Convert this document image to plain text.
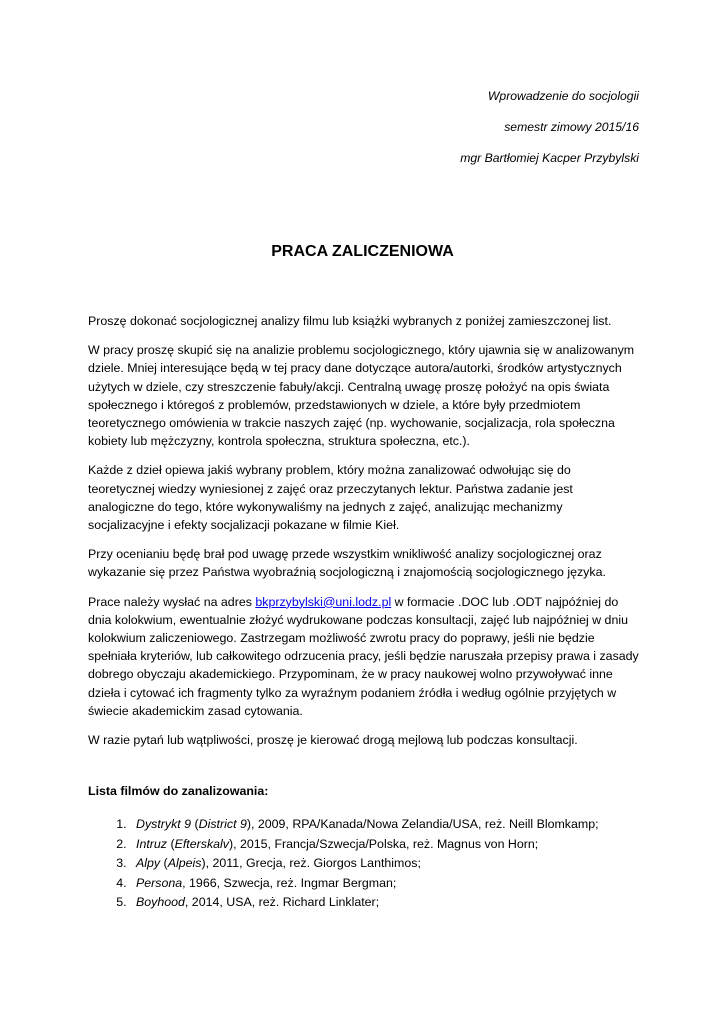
Wprowadzenie do socjologii
semestr zimowy 2015/16
mgr Bartłomiej Kacper Przybylski
PRACA ZALICZENIOWA

Proszę dokonać socjologicznej analizy filmu lub książki wybranych z poniżej zamieszczonej list.

W pracy proszę skupić się na analizie problemu socjologicznego, który ujawnia się w analizowanym dziele. Mniej interesujące będą w tej pracy dane dotyczące autora/autorki, środków artystycznych użytych w dziele, czy streszczenie fabuły/akcji. Centralną uwagę proszę położyć na opis świata społecznego i któregoś z problemów, przedstawionych w dziele, a które były przedmiotem teoretycznego omówienia w trakcie naszych zajęć (np. wychowanie, socjalizacja, rola społeczna kobiety lub mężczyzny, kontrola społeczna, struktura społeczna, etc.).

Każde z dzieł opiewa jakiś wybrany problem, który można zanalizować odwołując się do teoretycznej wiedzy wyniesionej z zajęć oraz przeczytanych lektur. Państwa zadanie jest analogiczne do tego, które wykonywaliśmy na jednych z zajęć, analizując mechanizmy socjalizacyjne i efekty socjalizacji pokazane w filmie Kieł.

Przy ocenianiu będę brał pod uwagę przede wszystkim wnikliwość analizy socjologicznej oraz wykazanie się przez Państwa wyobraźnią socjologiczną i znajomością socjologicznego języka.

Prace należy wysłać na adres bkprzybylski@uni.lodz.pl w formacie .DOC lub .ODT najpóźniej do dnia kolokwium, ewentualnie złożyć wydrukowane podczas konsultacji, zajęć lub najpóźniej w dniu kolokwium zaliczeniowego. Zastrzegam możliwość zwrotu pracy do poprawy, jeśli nie będzie spełniała kryteriów, lub całkowitego odrzucenia pracy, jeśli będzie naruszała przepisy prawa i zasady dobrego obyczaju akademickiego. Przypominam, że w pracy naukowej wolno przywoływać inne dzieła i cytować ich fragmenty tylko za wyraźnym podaniem źródła i według ogólnie przyjętych w świecie akademickim zasad cytowania.

W razie pytań lub wątpliwości, proszę je kierować drogą mejlową lub podczas konsultacji.

Lista filmów do zanalizowania:

1. Dystrykt 9 (District 9), 2009, RPA/Kanada/Nowa Zelandia/USA, reż. Neill Blomkamp;
2. Intruz (Efterskalv), 2015, Francja/Szwecja/Polska, reż. Magnus von Horn;
3. Alpy (Alpeis), 2011, Grecja, reż. Giorgos Lanthimos;
4. Persona, 1966, Szwecja, reż. Ingmar Bergman;
5. Boyhood, 2014, USA, reż. Richard Linklater;
